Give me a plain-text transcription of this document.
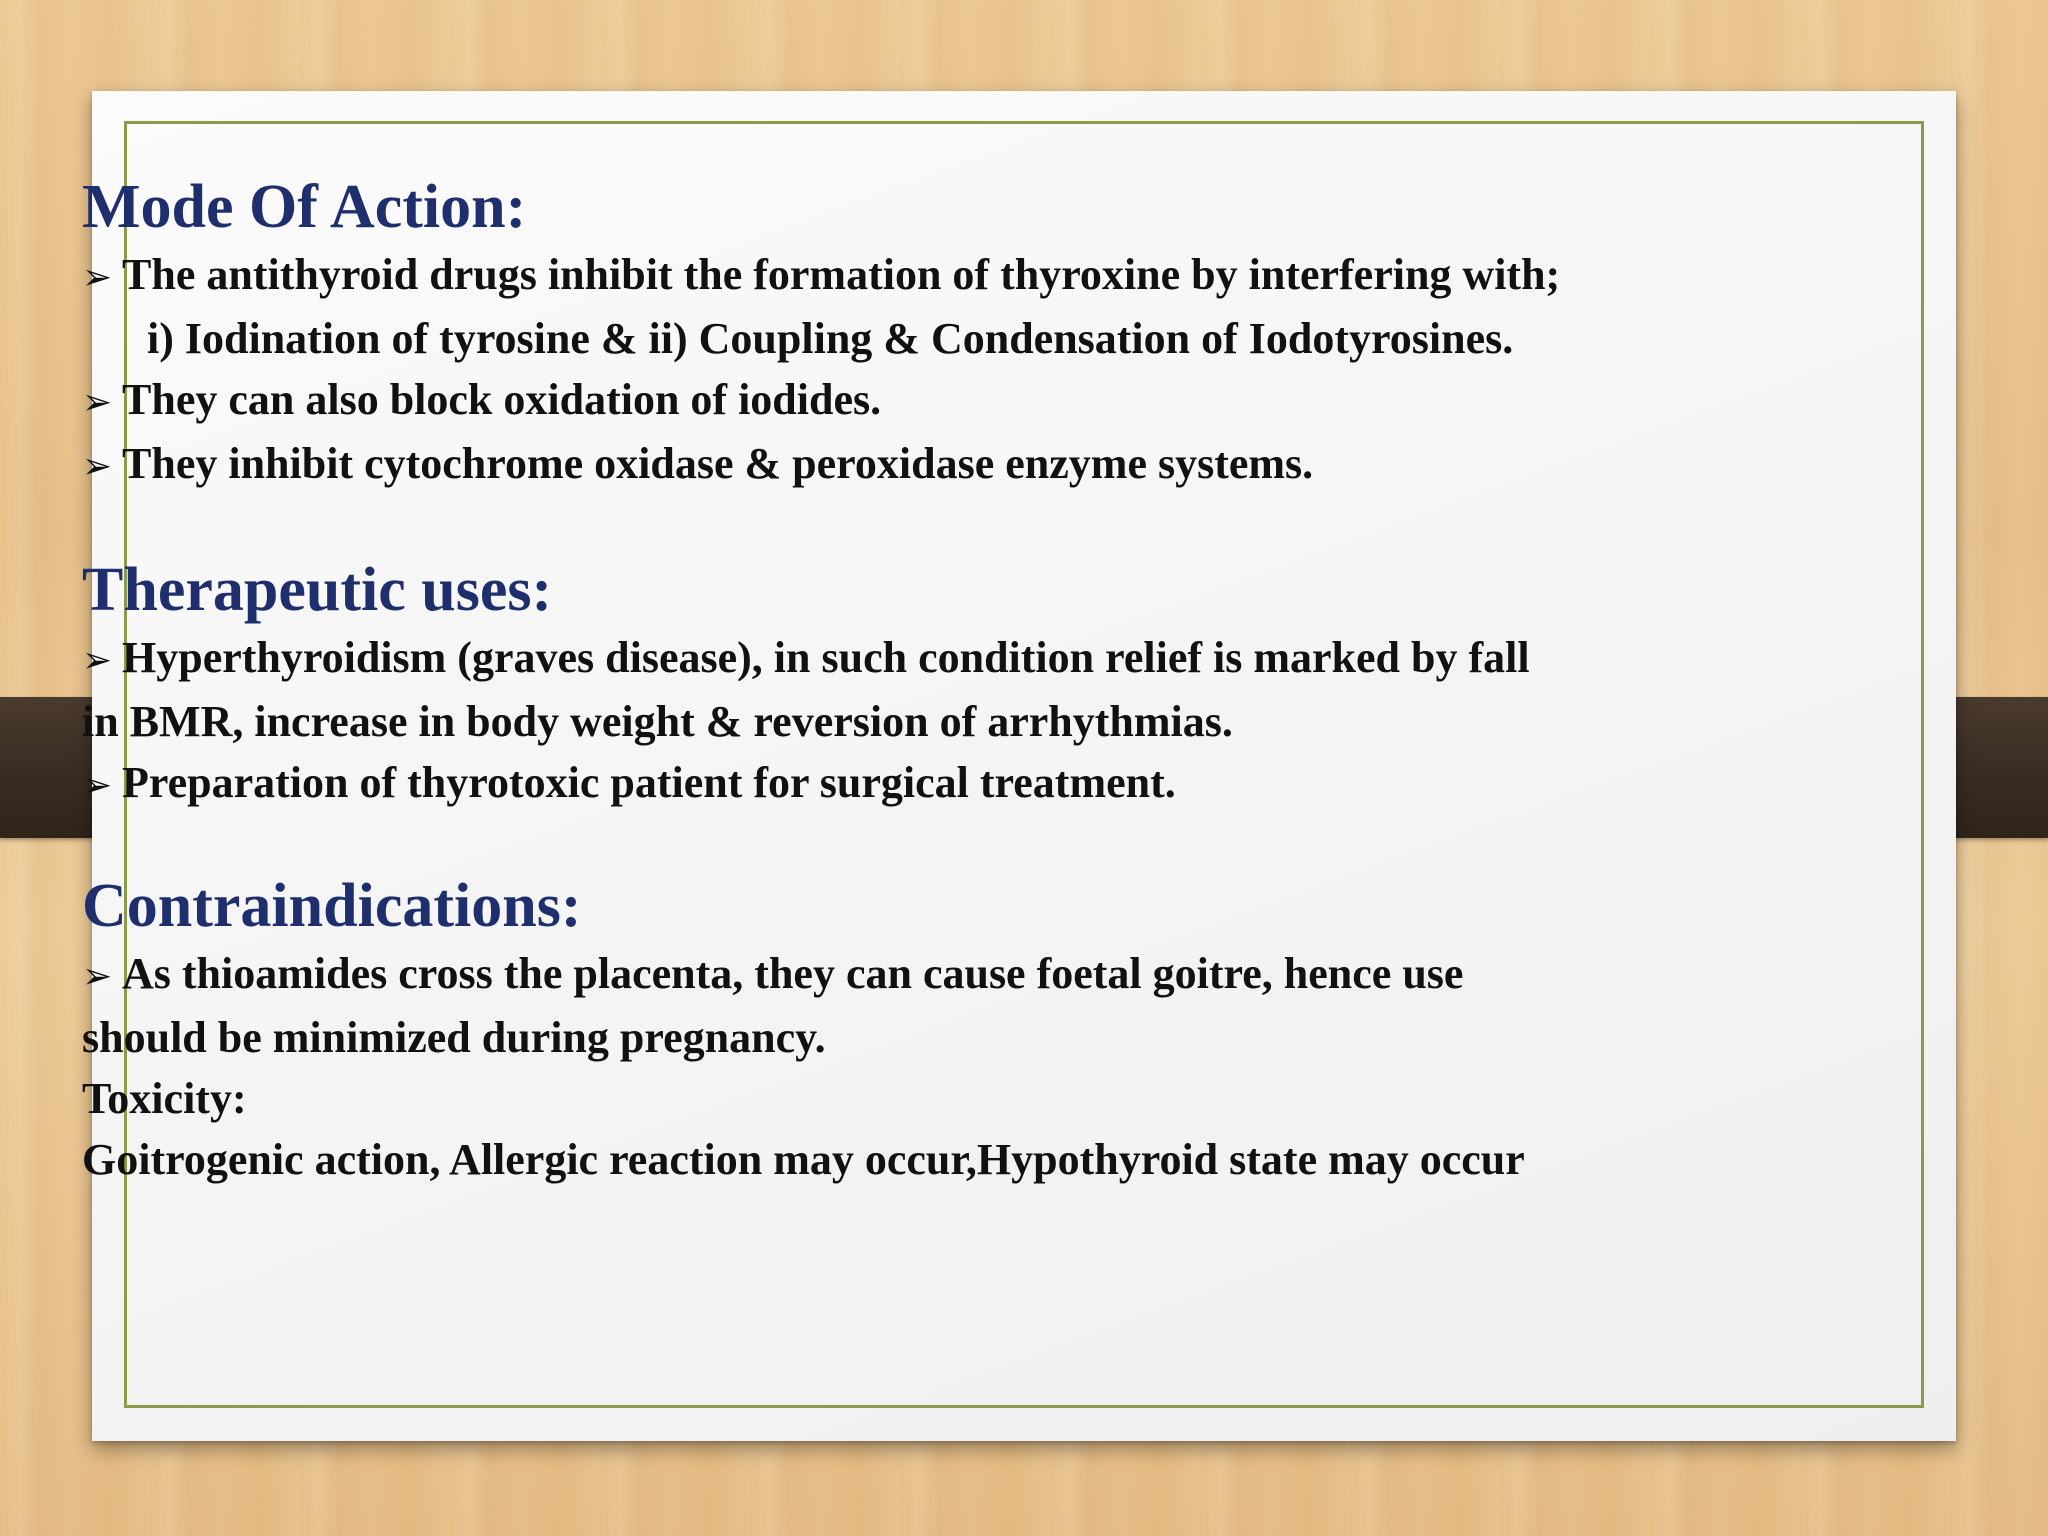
Mode Of Action:

➢ The antithyroid drugs inhibit the formation of thyroxine by interfering with;

i) Iodination of tyrosine & ii) Coupling & Condensation of Iodotyrosines.

➢ They can also block oxidation of iodides.
➢ They inhibit cytochrome oxidase & peroxidase enzyme systems.

Therapeutic uses:

➢ Hyperthyroidism (graves disease), in such condition relief is marked by fall

in BMR, increase in body weight & reversion of arrhythmias.

➢ Preparation of thyrotoxic patient for surgical treatment.

Contraindications:

➢ As thioamides cross the placenta, they can cause foetal goitre, hence use

should be minimized during pregnancy.

Toxicity:

Goitrogenic action, Allergic reaction may occur,Hypothyroid state may occur
